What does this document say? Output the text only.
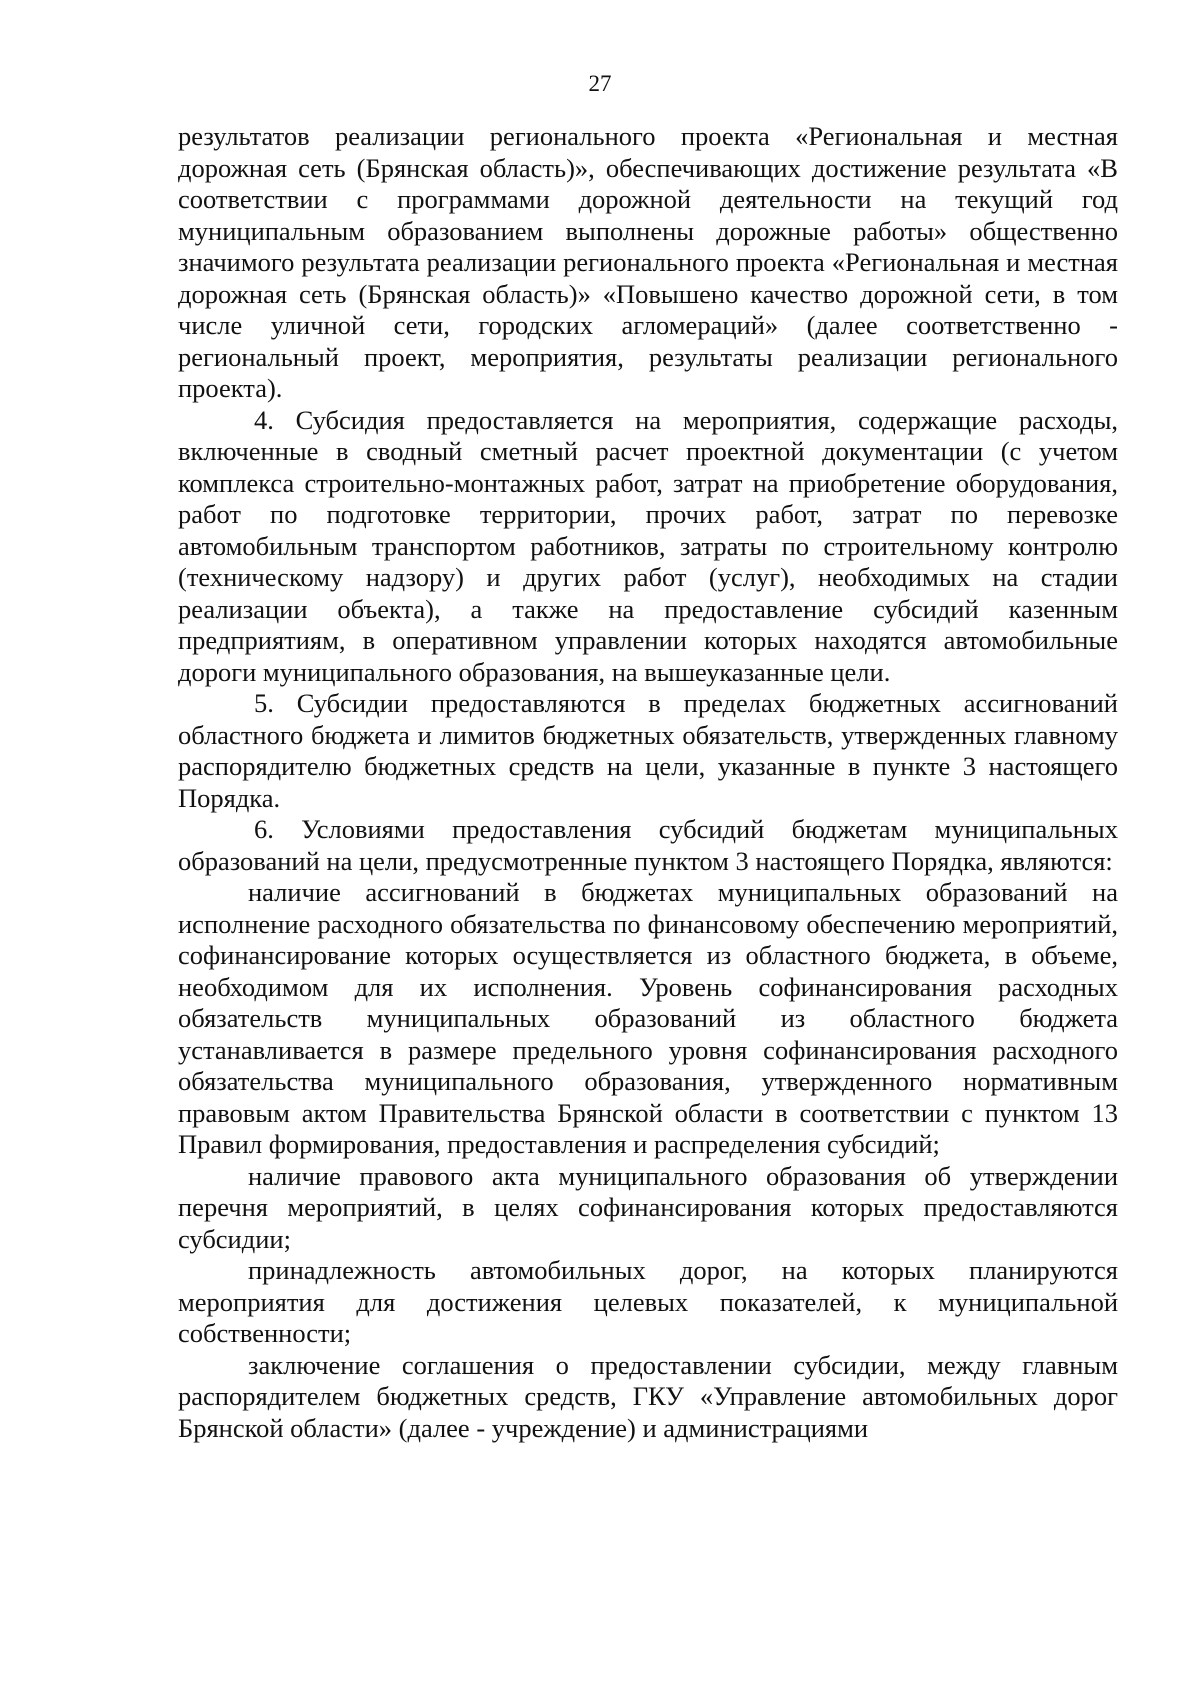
27

результатов реализации регионального проекта «Региональная и местная дорожная сеть (Брянская область)», обеспечивающих достижение результата «В соответствии с программами дорожной деятельности на текущий год муниципальным образованием выполнены дорожные работы» общественно значимого результата реализации регионального проекта «Региональная и местная дорожная сеть (Брянская область)» «Повышено качество дорожной сети, в том числе уличной сети, городских агломераций» (далее соответственно - региональный проект, мероприятия, результаты реализации регионального проекта).

4. Субсидия предоставляется на мероприятия, содержащие расходы, включенные в сводный сметный расчет проектной документации (с учетом комплекса строительно-монтажных работ, затрат на приобретение оборудования, работ по подготовке территории, прочих работ, затрат по перевозке автомобильным транспортом работников, затраты по строительному контролю (техническому надзору) и других работ (услуг), необходимых на стадии реализации объекта), а также на предоставление субсидий казенным предприятиям, в оперативном управлении которых находятся автомобильные дороги муниципального образования, на вышеуказанные цели.

5. Субсидии предоставляются в пределах бюджетных ассигнований областного бюджета и лимитов бюджетных обязательств, утвержденных главному распорядителю бюджетных средств на цели, указанные в пункте 3 настоящего Порядка.

6. Условиями предоставления субсидий бюджетам муниципальных образований на цели, предусмотренные пунктом 3 настоящего Порядка, являются:

наличие ассигнований в бюджетах муниципальных образований на исполнение расходного обязательства по финансовому обеспечению мероприятий, софинансирование которых осуществляется из областного бюджета, в объеме, необходимом для их исполнения. Уровень софинансирования расходных обязательств муниципальных образований из областного бюджета устанавливается в размере предельного уровня софинансирования расходного обязательства муниципального образования, утвержденного нормативным правовым актом Правительства Брянской области в соответствии с пунктом 13 Правил формирования, предоставления и распределения субсидий;

наличие правового акта муниципального образования об утверждении перечня мероприятий, в целях софинансирования которых предоставляются субсидии;

принадлежность автомобильных дорог, на которых планируются мероприятия для достижения целевых показателей, к муниципальной собственности;

заключение соглашения о предоставлении субсидии, между главным распорядителем бюджетных средств, ГКУ «Управление автомобильных дорог Брянской области» (далее - учреждение) и администрациями
